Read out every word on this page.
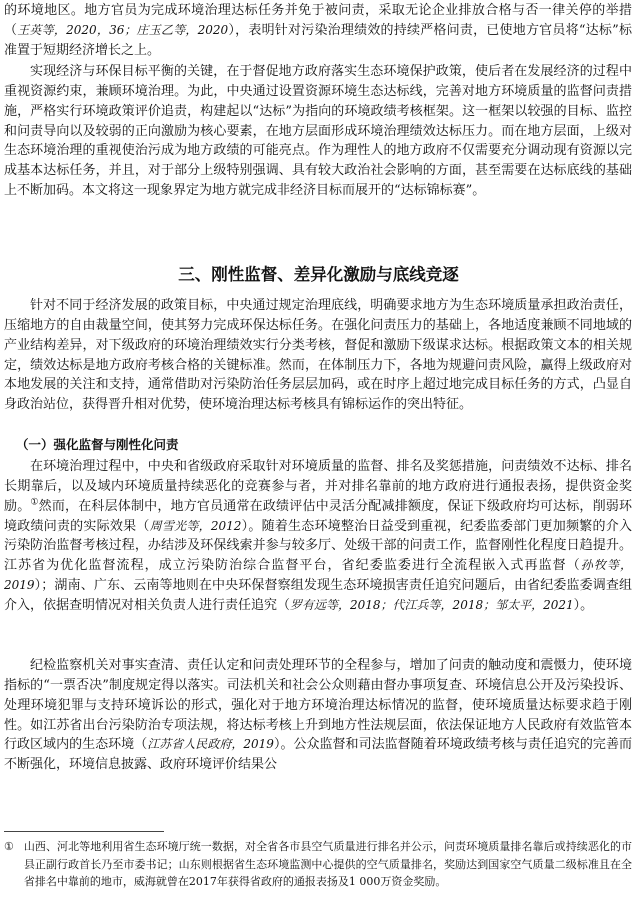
的环境地区。地方官员为完成环境治理达标任务并免于被问责，采取无论企业排放合格与否一律关停的举措（王英等，2020，36；庄玉乙等，2020），表明针对污染治理绩效的持续严格问责，已使地方官员将“达标”标准置于短期经济增长之上。

实现经济与环保目标平衡的关键，在于督促地方政府落实生态环境保护政策，使后者在发展经济的过程中重视资源约束，兼顾环境治理。为此，中央通过设置资源环境生态达标线，完善对地方环境质量的监督问责措施，严格实行环境政策评价追责，构建起以“达标”为指向的环境政绩考核框架。这一框架以较强的目标、监控和问责导向以及较弱的正向激励为核心要素，在地方层面形成环境治理绩效达标压力。而在地方层面，上级对生态环境治理的重视使治污成为地方政绩的可能亮点。作为理性人的地方政府不仅需要充分调动现有资源以完成基本达标任务，并且，对于部分上级特别强调、具有较大政治社会影响的方面，甚至需要在达标底线的基础上不断加码。本文将这一现象界定为地方就完成非经济目标而展开的“达标锦标赛”。

三、刚性监督、差异化激励与底线竞逐

针对不同于经济发展的政策目标，中央通过规定治理底线，明确要求地方为生态环境质量承担政治责任，压缩地方的自由裁量空间，使其努力完成环保达标任务。在强化问责压力的基础上，各地适度兼顾不同地域的产业结构差异，对下级政府的环境治理绩效实行分类考核，督促和激励下级谋求达标。根据政策文本的相关规定，绩效达标是地方政府考核合格的关键标准。然而，在体制压力下，各地为规避问责风险，赢得上级政府对本地发展的关注和支持，通常借助对污染防治任务层层加码，或在时序上超过地完成目标任务的方式，凸显自身政治站位，获得晋升相对优势，使环境治理达标考核具有锦标运作的突出特征。

（一）强化监督与刚性化问责

在环境治理过程中，中央和省级政府采取针对环境质量的监督、排名及奖惩措施，问责绩效不达标、排名长期靠后，以及域内环境质量持续恶化的竞赛参与者，并对排名靠前的地方政府进行通报表扬，提供资金奖励。①然而，在科层体制中，地方官员通常在政绩评估中灵活分配减排额度，保证下级政府均可达标，削弱环境政绩问责的实际效果（周雪光等，2012）。随着生态环境整治日益受到重视，纪委监委部门更加频繁的介入污染防治监督考核过程，办结涉及环保线索并参与较多厅、处级干部的问责工作，监督刚性化程度日趋提升。江苏省为优化监督流程，成立污染防治综合监督平台，省纪委监委进行全流程嵌入式再监督（孙牧等，2019）；湖南、广东、云南等地则在中央环保督察组发现生态环境损害责任追究问题后，由省纪委监委调查组介入，依据查明情况对相关负责人进行责任追究（罗有远等，2018；代江兵等，2018；邹太平，2021）。

纪检监察机关对事实查清、责任认定和问责处理环节的全程参与，增加了问责的触动度和震慑力，使环境指标的“一票否决”制度规定得以落实。司法机关和社会公众则藉由督办事项复查、环境信息公开及污染投诉、处理环境犯罪与支持环境诉讼的形式，强化对于地方环境治理达标情况的监督，使环境质量达标要求趋于刚性。如江苏省出台污染防治专项法规，将达标考核上升到地方性法规层面，依法保证地方人民政府有效监管本行政区域内的生态环境（江苏省人民政府，2019）。公众监督和司法监督随着环境政绩考核与责任追究的完善而不断强化，环境信息披露、政府环境评价结果公

① 山西、河北等地利用省生态环境厅统一数据，对全省各市县空气质量进行排名并公示，问责环境质量排名靠后或持续恶化的市县正副行政首长乃至市委书记；山东则根据省生态环境监测中心提供的空气质量排名，奖励达到国家空气质量二级标准且在全省排名中靠前的地市，威海就曾在2017年获得省政府的通报表扬及1 000万资金奖励。
